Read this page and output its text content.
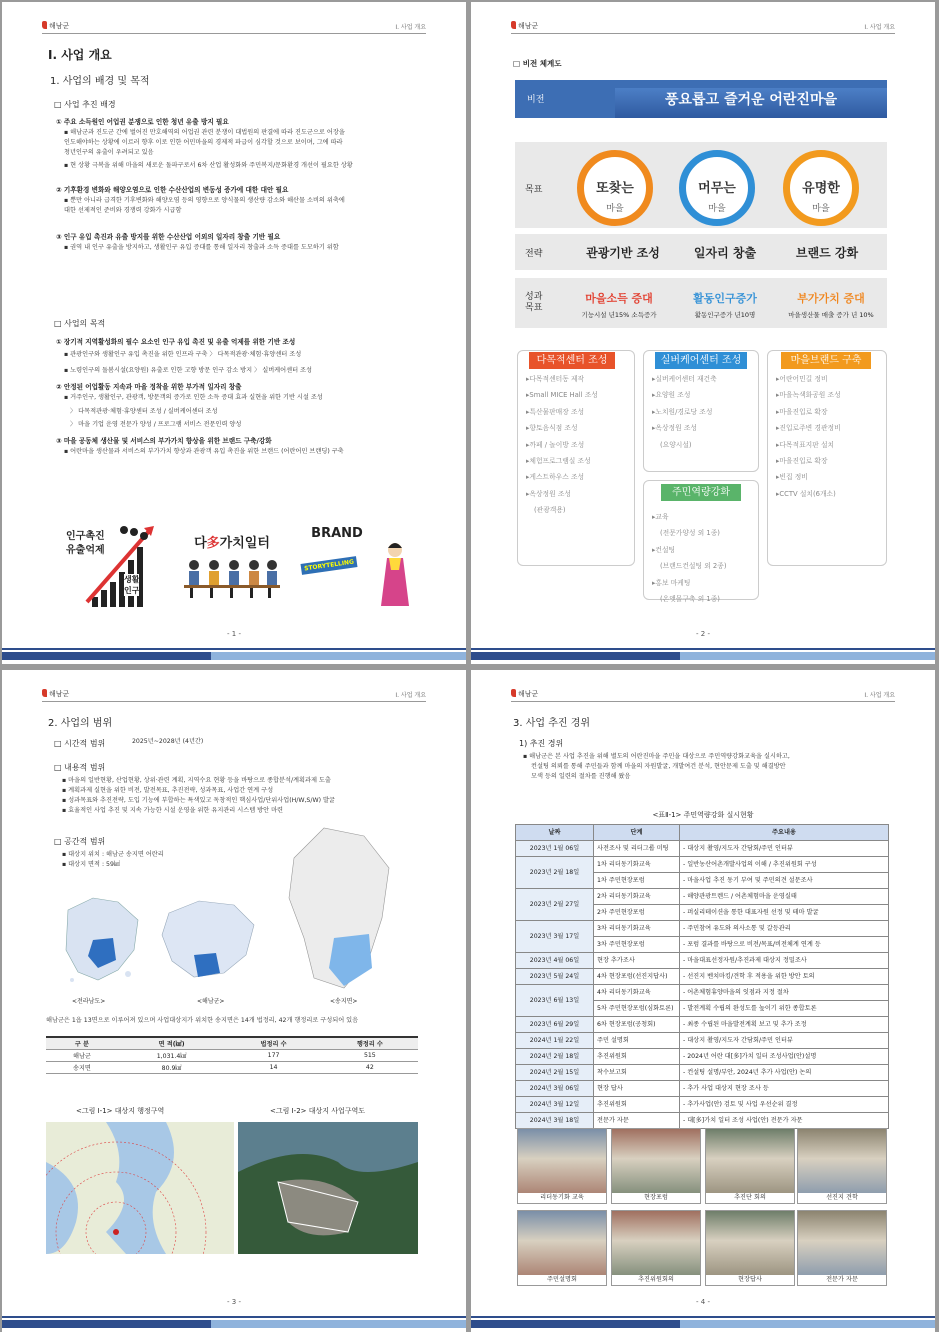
해남군	Ⅰ. 사업 개요
Ⅰ. 사업 개요
1. 사업의 배경 및 목적
□ 사업 추진 배경
① 주요 소득원인 어업권 분쟁으로 인한 청년 유출 방지 필요
▪ 해남군과 진도군 간에 벌어진 만호해역의 어업권 관련 분쟁이 대법원의 판결에 따라 진도군으로 어장을
인도해야하는 상황에 이르러 향후 이로 인한 어민마을의 경제적 파급이 심각할 것으로 보이며, 그에 따라
청년인구의 유출이 우려되고 있음
▪ 현 상황 극복을 위해 마을의 새로운 돌파구로서 6차 산업 활성화와 주민복지/문화환경 개선이 필요한 상황
② 기후환경 변화와 해양오염으로 인한 수산산업의 변동성 증가에 대한 대안 필요
▪ 뿐만 아니라 급격한 기후변화와 해양오염 등의 영향으로 양식물의 생산량 감소와 해산물 소비의 위축에
대한 선제적인 준비와 경쟁력 강화가 시급함
③ 인구 유입 촉진과 유출 방지를 위한 수산산업 이외의 일자리 창출 기반 필요
▪ 권역 내 인구 유출을 방지하고, 생활인구 유입 증대를 통해 일자리 창출과 소득 증대를 도모하기 위함
□ 사업의 목적
① 장기적 지역활성화의 필수 요소인 인구 유입 촉진 및 유출 억제를 위한 기반 조성
▪ 관광인구와 생활인구 유입 촉진을 위한 인프라 구축 〉 다목적관광·체험·휴양센터 조성
▪ 노령인구의 돌봄시설(요양원) 유출로 인한 고향 방문 인구 감소 방지 〉 실버케어센터 조성
② 안정된 어업활동 지속과 마을 정착을 위한 부가적 일자리 창출
▪ 거주인구, 생활인구, 관광객, 방문객의 증가로 인한 소득 증대 효과 실현을 위한 기반 시설 조성
〉 다목적관광·체험·휴양센터 조성 / 실버케어센터 조성
〉 마을 기업 운영 전문가 양성 / 프로그램 서비스 전문인력 양성
③ 마을 공동체 생산물 및 서비스의 부가가치 향상을 위한 브랜드 구축/강화
▪ 어란마을 생산물과 서비스의 부가가치 향상과 관광객 유입 촉진을 위한 브랜드 (어란어민 브랜딩) 구축
인구촉진
유출억제
생활
인구
다多가치일터
BRAND
STORYTELLING
- 1 -
해남군	Ⅰ. 사업 개요
□ 비전 체계도
비전	풍요롭고 즐거운 어란진마을
목표	또찾는
마을
머무는
마을
유명한
마을
전략	관광기반 조성	일자리 창출	브랜드 강화
성과
목표
마을소득 증대
기능시설 년15% 소득증가
활동인구증가
활동인구증가 년10명
부가가치 증대
마을생산물 매출 증가 년 10%
▸다목적센터동 제작
▸Small MICE Hall 조성
▸특산물판매장 조성
▸향토음식점 조성
▸까페 / 놀이방 조성
▸체험프로그램실 조성
▸게스트하우스 조성
▸옥상정원 조성
(관광객용)
다목적센터 조성
▸실버케어센터 재건축
▸요양원 조성
▸노치원/경로당 조성
▸옥상정원 조성
(요양시설)
실버케어센터 조성
▸어란어민길 정비
▸마을녹색화공원 조성
▸마을진입로 확장
▸진입로주변 경관정비
▸다목적표지판 설치
▸마을진입로 확장
▸빈집 정비
▸CCTV 설치(6개소)
마을브랜드 구축
▸교육
(전문가양성 외 1종)
▸컨설팅
(브랜드컨설팅 외 2종)
▸홍보 마케팅
(온앳몰구축 외 1종)
주민역량강화
- 2 -
해남군	Ⅰ. 사업 개요
2. 사업의 범위
□ 시간적 범위	2025년~2028년 (4년간)
□ 내용적 범위
▪ 마을의 일반현황, 산업현황, 상위·관련 계획, 지역수요 현황 등을 바탕으로 종합분석/계획과제 도출
▪ 계획과제 실현을 위한 비전, 발전목표, 추진전략, 성과목표, 사업간 연계 구성
▪ 성과목표와 추진전략, 도입 기능에 부합하는 특색있고 독창적인 핵심사업/단위사업(H/W,S/W) 발굴
▪ 효율적인 사업 추진 및 지속 가능한 시설 운영을 위한 유지관리 시스템 방안 마련
□ 공간적 범위
▪ 대상지 위치 : 해남군 송지면 어란리
▪ 대상지 면적 : 59㎢
<전라남도>	<해남군>	<송지면>
해남군은 1읍 13면으로 이루어져 있으며 사업대상지가 위치한 송지면은 14개 법정리, 42개 행정리로 구성되어 있음
구 분	면 적(㎢)	법정리 수	행정리 수
해남군	1,031.4㎢	177	515
송지면	80.9㎢	14	42
<그림 Ⅰ-1> 대상지 행정구역	<그림 Ⅰ-2> 대상지 사업구역도
- 3 -
해남군	Ⅰ. 사업 개요
3. 사업 추진 경위
1) 추진 경위
▪ 해남군은 본 사업 추진을 위해 별도의 어란진마을 주민을 대상으로 주민역량강화교육을 실시하고,
컨설팅 의뢰를 통해 주민들과 함께 마을의 자원발굴, 개발여건 분석, 현안문제 도출 및 해결방안
모색 등의 일련의 절차를 진행해 왔음
<표Ⅱ-1> 주민역량강화 실시현황
날짜	단계	주요내용
2023년 1월 06일	사전조사 및 리더그룹 미팅	- 대상지 촬영/지도자 간담회/주민 인터뷰
2023년 2월 18일	1차 리더동기화교육	- 일반농산어촌개발사업의 이해 / 추진위원회 구성
	1차 주민현장포럼	- 마을사업 추진 동기 부여 및 주민의견 설문조사
2023년 2월 27일	2차 리더동기화교육	- 해양관광트렌드 / 어촌체험마을 운영실태
	2차 주민현장포럼	- 퍼실리테이션을 통한 대표자원 선정 및 테마 발굴
2023년 3월 17일	3차 리더동기화교육	- 주민참여 유도와 의사소통 및 갈등관리
	3차 주민현장포럼	- 포럼 결과를 바탕으로 비전/목표/비전체계 연계 등
2023년 4월 06일	현장 추가조사	- 마을대표선정자원/추진과제 대상지 정밀조사
2023년 5월 24일	4차 현장포럼(선진지답사)	- 선진지 벤치마킹/견학 후 적용을 위한 방안 토의
2023년 6월 13일	4차 리더동기화교육	- 어촌체험휴양마을의 잇점과 지정 절차
	5차 주민현장포럼(심화토론)	- 발전계획 수립의 완성도를 높이기 위한 종합토론
2023년 6월 29일	6차 현장포럼(공청회)	- 최종 수립된 마을발전계획 보고 및 추가 조정
2024년 1월 22일	주민 설명회	- 대상지 촬영/지도자 간담회/주민 인터뷰
2024년 2월 18일	추진위원회	- 2024년 어란 대[多]가치 일터 조성사업(안)설명
2024년 2월 15일	착수보고회	- 컨설팅 설명/부안, 2024년 추가 사업(안) 논의
2024년 3월 06일	현장 답사	- 추가 사업 대상지 현장 조사 등
2024년 3월 12일	추진위원회	- 추가사업(안) 검토 및 사업 우선순위 결정
2024년 3월 18일	전문가 자문	- 대[多]가치 일터 조성 사업(안) 전문가 자문
리더동기화 교육	현장포럼	추진단 회의	선진지 견학
주민설명회	추진위원회의	현장답사	전문가 자문
- 4 -
